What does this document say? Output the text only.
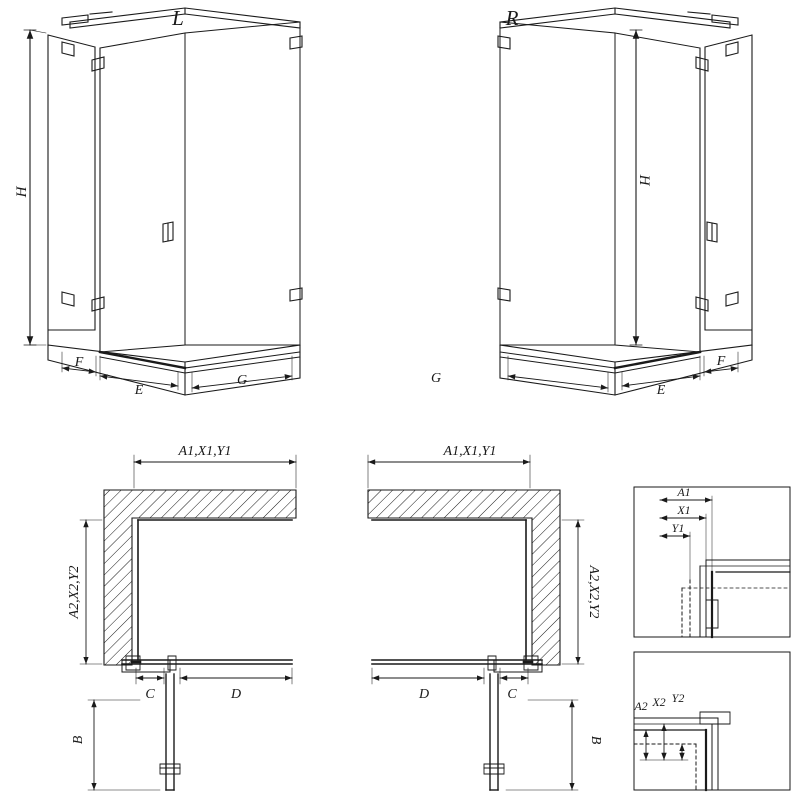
L	R
H
H
F
E
G	G
E
F
A1,X1,Y1
A2,X2,Y2
C	D
B
A1,X1,Y1
A2,X2,Y2
D	C
B
A1
X1
Y1
A2 X2 Y2
